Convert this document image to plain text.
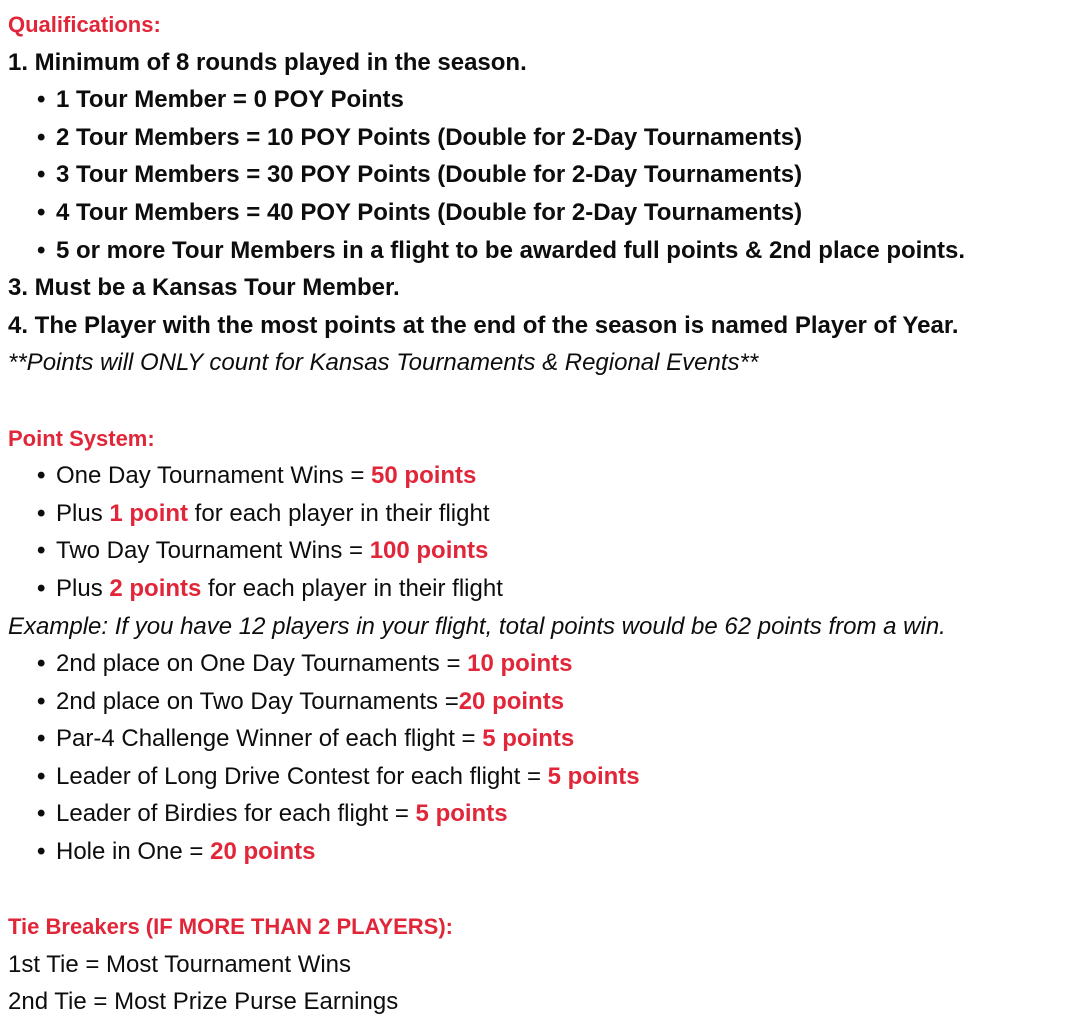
Qualifications:

1. Minimum of 8 rounds played in the season.

• 1 Tour Member = 0 POY Points
• 2 Tour Members = 10 POY Points (Double for 2-Day Tournaments)
• 3 Tour Members = 30 POY Points (Double for 2-Day Tournaments)
• 4 Tour Members = 40 POY Points (Double for 2-Day Tournaments)
• 5 or more Tour Members in a flight to be awarded full points & 2nd place points.

3. Must be a Kansas Tour Member.

4. The Player with the most points at the end of the season is named Player of Year.

**Points will ONLY count for Kansas Tournaments & Regional Events**

Point System:
• One Day Tournament Wins = 50 points
• Plus 1 point for each player in their flight
• Two Day Tournament Wins = 100 points
• Plus 2 points for each player in their flight

Example: If you have 12 players in your flight, total points would be 62 points from a win.

• 2nd place on One Day Tournaments = 10 points
• 2nd place on Two Day Tournaments =20 points
• Par-4 Challenge Winner of each flight = 5 points
• Leader of Long Drive Contest for each flight = 5 points
• Leader of Birdies for each flight = 5 points
• Hole in One = 20 points
Tie Breakers (IF MORE THAN 2 PLAYERS):

1st Tie = Most Tournament Wins

2nd Tie = Most Prize Purse Earnings
